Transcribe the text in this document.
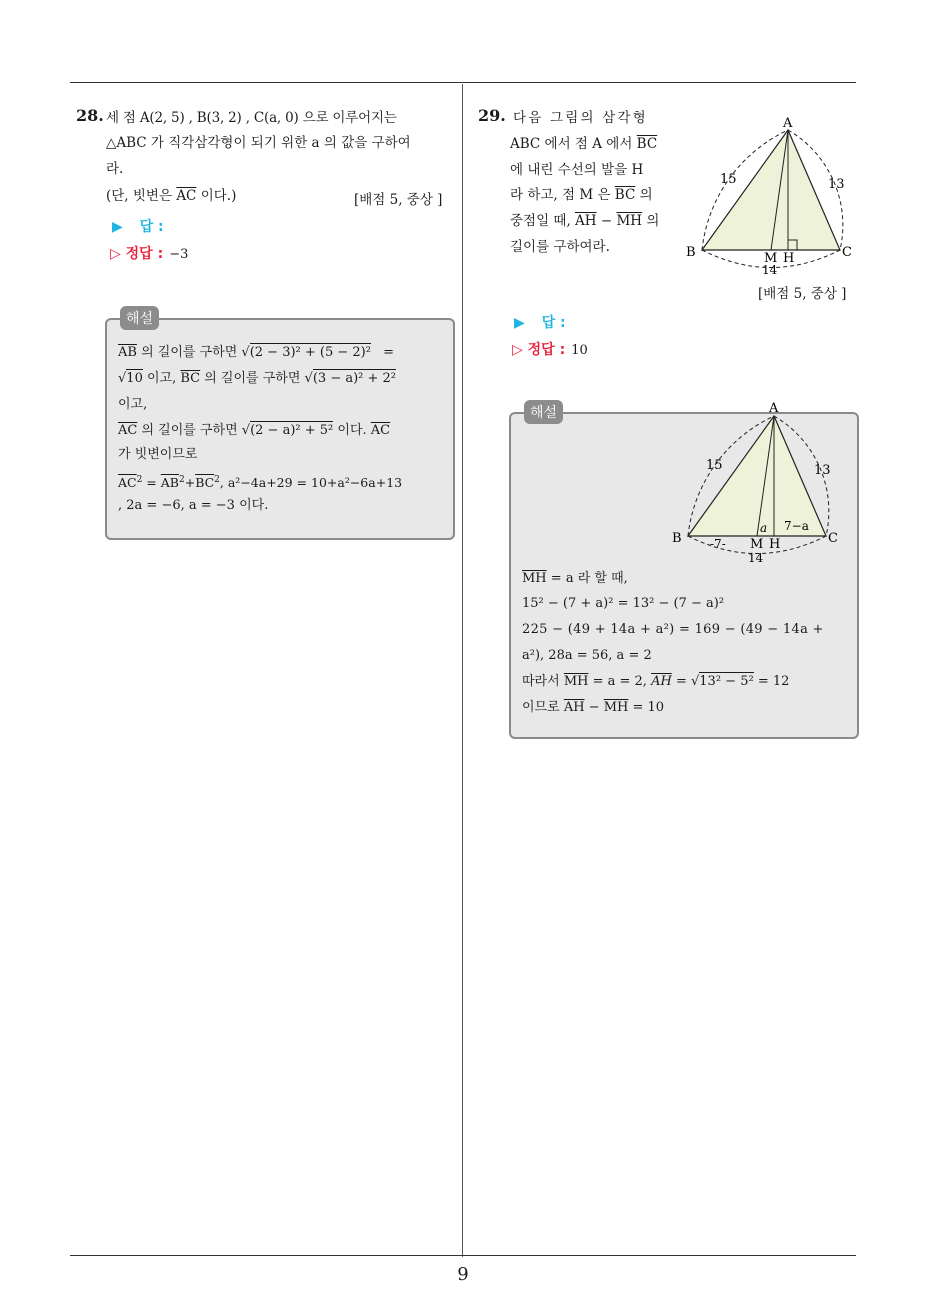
9
28. 세 점 A(2, 5) , B(3, 2) , C(a, 0) 으로 이루어지는
△ABC 가 직각삼각형이 되기 위한 a 의 값을 구하여
라.
(단, 빗변은 $\overline{AC}$ 이다.)	[배점 5, 중상 ]
▶ 답 :
▷ 정답 : −3
해설
$\overline{AB}$ 의 길이를 구하면 √(2 − 3)² + (5 − 2)² =
√10 이고, $\overline{BC}$ 의 길이를 구하면 √(3 − a)² + 2²
이고,
$\overline{AC}$ 의 길이를 구하면 √(2 − a)² + 5² 이다. $\overline{AC}$
가 빗변이므로
$\overline{AC}^2 = \overline{AB}^2+\overline{BC}^2$, a²−4a+29 = 10+a²−6a+13
, 2a = −6, a = −3 이다.
29. 다음 그림의 삼각형
ABC 에서 점 A 에서 $\overline{BC}$
에 내린 수선의 발을 H
라 하고, 점 M 은 $\overline{BC}$ 의
중점일 때, $\overline{AH} - \overline{MH}$ 의
길이를 구하여라.
A
B	C
M H
15	13
14
[배점 5, 중상 ]
▶ 답 :
▷ 정답 : 10
해설	A
B	C
M H
15	13
14
-7-
a 7−a
$\overline{MH} = a$ 라 할 때,
15² − (7 + a)² = 13² − (7 − a)²
225 − (49 + 14a + a²) = 169 − (49 − 14a +
a²), 28a = 56, a = 2
따라서 $\overline{MH} = a = 2$, $\overline{AH} = √13^2 - 5^2 = 12$
이므로 $\overline{AH} - \overline{MH} = 10$
